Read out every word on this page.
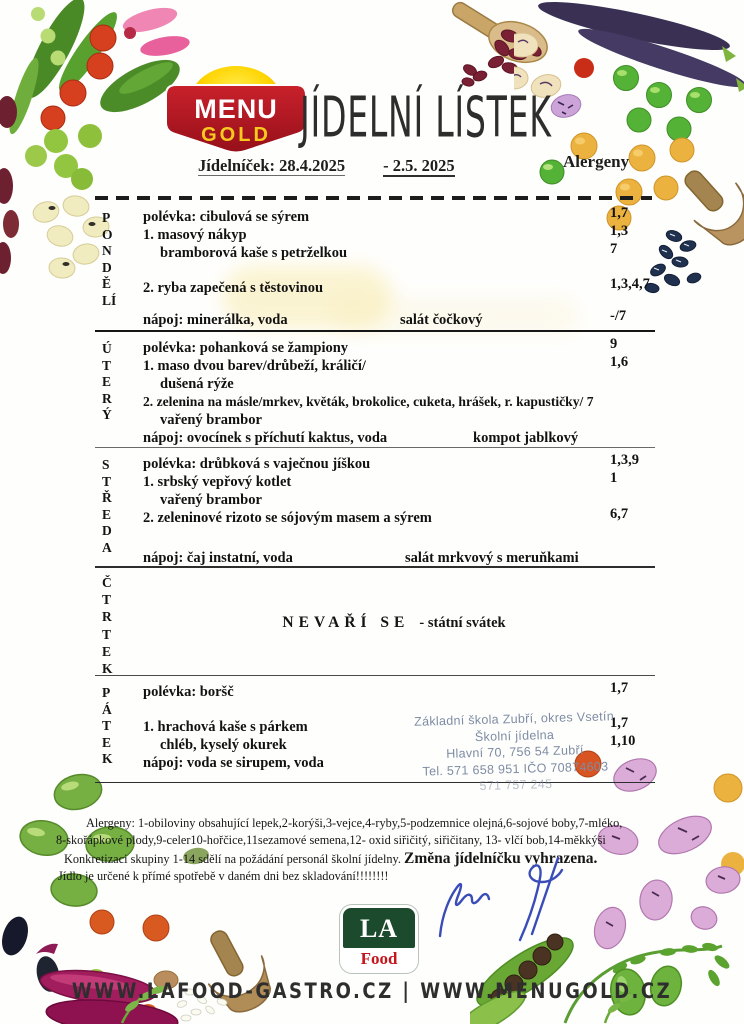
MENU
GOLD JÍDELNÍ LÍSTEK
Jídelníček: 28.4.2025 - 2.5. 2025	Alergeny
PONDĚLÍ
polévka: cibulová se sýrem	1,7
1. masový nákyp	1,3
bramborová kaše s petrželkou	7
2. ryba zapečená s těstovinou	1,3,4,7
nápoj: minerálka, voda	salát čočkový	-/7
ÚTERÝ
polévka: pohanková se žampiony	9
1. maso dvou barev/drůbeží, králičí/	1,6
dušená rýže
2. zelenina na másle/mrkev, květák, brokolice, cuketa, hrášek, r. kapustičky/ 7
vařený brambor
nápoj: ovocínek s příchutí kaktus, voda	kompot jablkový
STŘEDA
polévka: drůbková s vaječnou jíškou	1,3,9
1. srbský vepřový kotlet	1
vařený brambor
2. zeleninové rizoto se sójovým masem a sýrem	6,7
nápoj: čaj instatní, voda	salát mrkvový s meruňkami
ČTRTEK
NEVAŘÍ SE - státní svátek
PÁTEK
polévka: boršč	1,7
1. hrachová kaše s párkem	1,7
chléb, kyselý okurek	1,10
nápoj: voda se sirupem, voda
Základní škola Zubří, okres Vsetín
Školní jídelna
Hlavní 70, 756 54 Zubří
Tel. 571 658 951 IČO 70874603
571 757 245
Alergeny: 1-obiloviny obsahující lepek,2-korýši,3-vejce,4-ryby,5-podzemnice olejná,6-sojové boby,7-mléko,
8-skořápkové plody,9-celer10-hořčice,11sezamové semena,12- oxid siřičitý, siřičitany, 13- vlčí bob,14-měkkýši
Konkretizaci skupiny 1-14 sdělí na požádání personál školní jídelny. Změna jídelníčku vyhrazena.
Jídlo je určené k přímé spotřebě v daném dni bez skladování!!!!!!!!
LA
Food
WWW.LAFOOD-GASTRO.CZ | WWW.MENUGOLD.CZ
